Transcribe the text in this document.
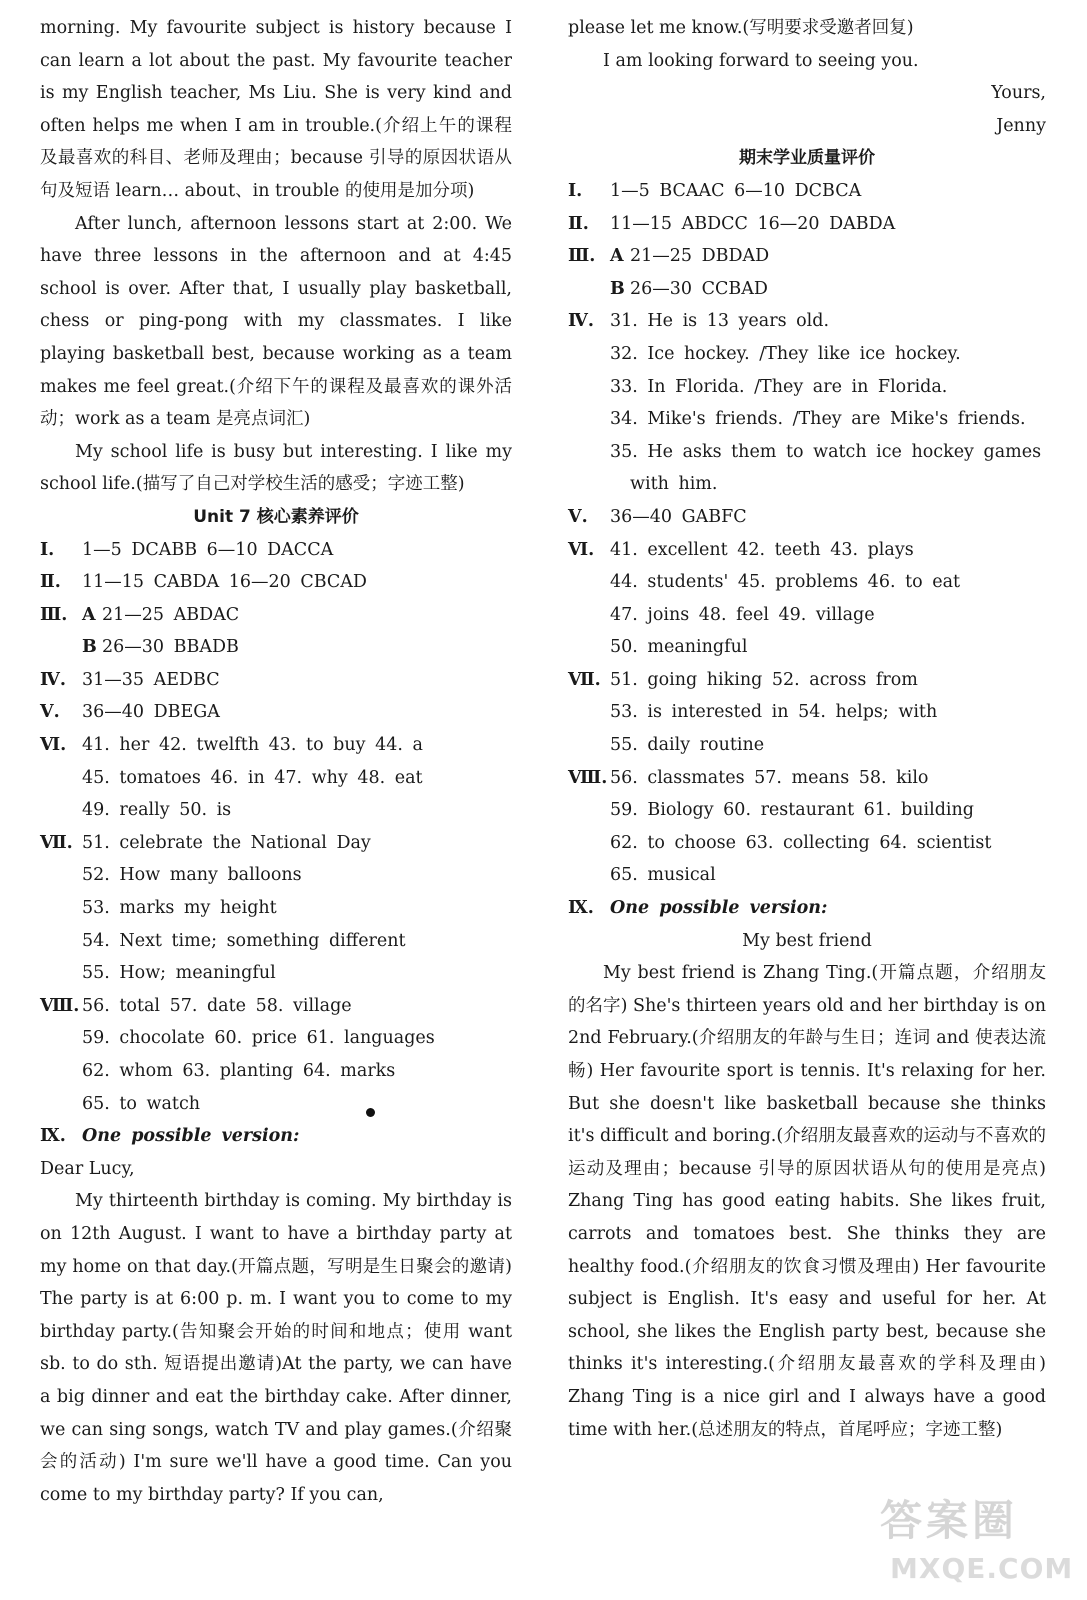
morning. My favourite subject is history because I can learn a lot about the past. My favourite teacher is my English teacher, Ms Liu. She is very kind and often helps me when I am in trouble.(介绍上午的课程及最喜欢的科目、老师及理由；because 引导的原因状语从句及短语 learn… about、in trouble 的使用是加分项)

After lunch, afternoon lessons start at 2:00. We have three lessons in the afternoon and at 4:45 school is over. After that, I usually play basketball, chess or ping-pong with my classmates. I like playing basketball best, because working as a team makes me feel great.(介绍下午的课程及最喜欢的课外活动；work as a team 是亮点词汇)

My school life is busy but interesting. I like my school life.(描写了自己对学校生活的感受；字迹工整)

Unit 7 核心素养评价
Ⅰ.	1—5 DCABB 6—10 DACCA
Ⅱ.	11—15 CABDA 16—20 CBCAD
Ⅲ. A 21—25 ABDAC
B 26—30 BBADB
Ⅳ. 31—35 AEDBC
Ⅴ.	36—40 DBEGA
Ⅵ. 41. her 42. twelfth 43. to buy 44. a
45. tomatoes 46. in 47. why 48. eat
49. really 50. is
Ⅶ. 51. celebrate the National Day
52. How many balloons
53. marks my height
54. Next time; something different
55. How; meaningful
Ⅷ. 56. total 57. date 58. village
59. chocolate 60. price 61. languages
62. whom 63. planting 64. marks
65. to watch
Ⅸ. One possible version:

Dear Lucy,

My thirteenth birthday is coming. My birthday is on 12th August. I want to have a birthday party at my home on that day.(开篇点题，写明是生日聚会的邀请) The party is at 6:00 p. m. I want you to come to my birthday party.(告知聚会开始的时间和地点；使用 want sb. to do sth. 短语提出邀请)At the party, we can have a big dinner and eat the birthday cake. After dinner, we can sing songs, watch TV and play games.(介绍聚会的活动) I'm sure we'll have a good time. Can you come to my birthday party? If you can,

please let me know.(写明要求受邀者回复)

I am looking forward to seeing you.

Yours,
Jenny
期末学业质量评价
Ⅰ.	1—5 BCAAC 6—10 DCBCA
Ⅱ.	11—15 ABDCC 16—20 DABDA
Ⅲ. A 21—25 DBDAD
B 26—30 CCBAD
Ⅳ. 31. He is 13 years old.
32. Ice hockey. /They like ice hockey.
33. In Florida. /They are in Florida.
34. Mike's friends. /They are Mike's friends.
35. He asks them to watch ice hockey games
with him.
Ⅴ.	36—40 GABFC
Ⅵ. 41. excellent 42. teeth 43. plays
44. students' 45. problems 46. to eat
47. joins 48. feel 49. village
50. meaningful
Ⅶ. 51. going hiking 52. across from
53. is interested in 54. helps; with
55. daily routine
Ⅷ. 56. classmates 57. means 58. kilo
59. Biology 60. restaurant 61. building
62. to choose 63. collecting 64. scientist
65. musical
Ⅸ. One possible version:
My best friend

My best friend is Zhang Ting.(开篇点题，介绍朋友的名字) She's thirteen years old and her birthday is on 2nd February.(介绍朋友的年龄与生日；连词 and 使表达流畅) Her favourite sport is tennis. It's relaxing for her. But she doesn't like basketball because she thinks it's difficult and boring.(介绍朋友最喜欢的运动与不喜欢的运动及理由；because 引导的原因状语从句的使用是亮点) Zhang Ting has good eating habits. She likes fruit, carrots and tomatoes best. She thinks they are healthy food.(介绍朋友的饮食习惯及理由) Her favourite subject is English. It's easy and useful for her. At school, she likes the English party best, because she thinks it's interesting.(介绍朋友最喜欢的学科及理由) Zhang Ting is a nice girl and I always have a good time with her.(总述朋友的特点，首尾呼应；字迹工整)

答案圈
MXQE.COM
